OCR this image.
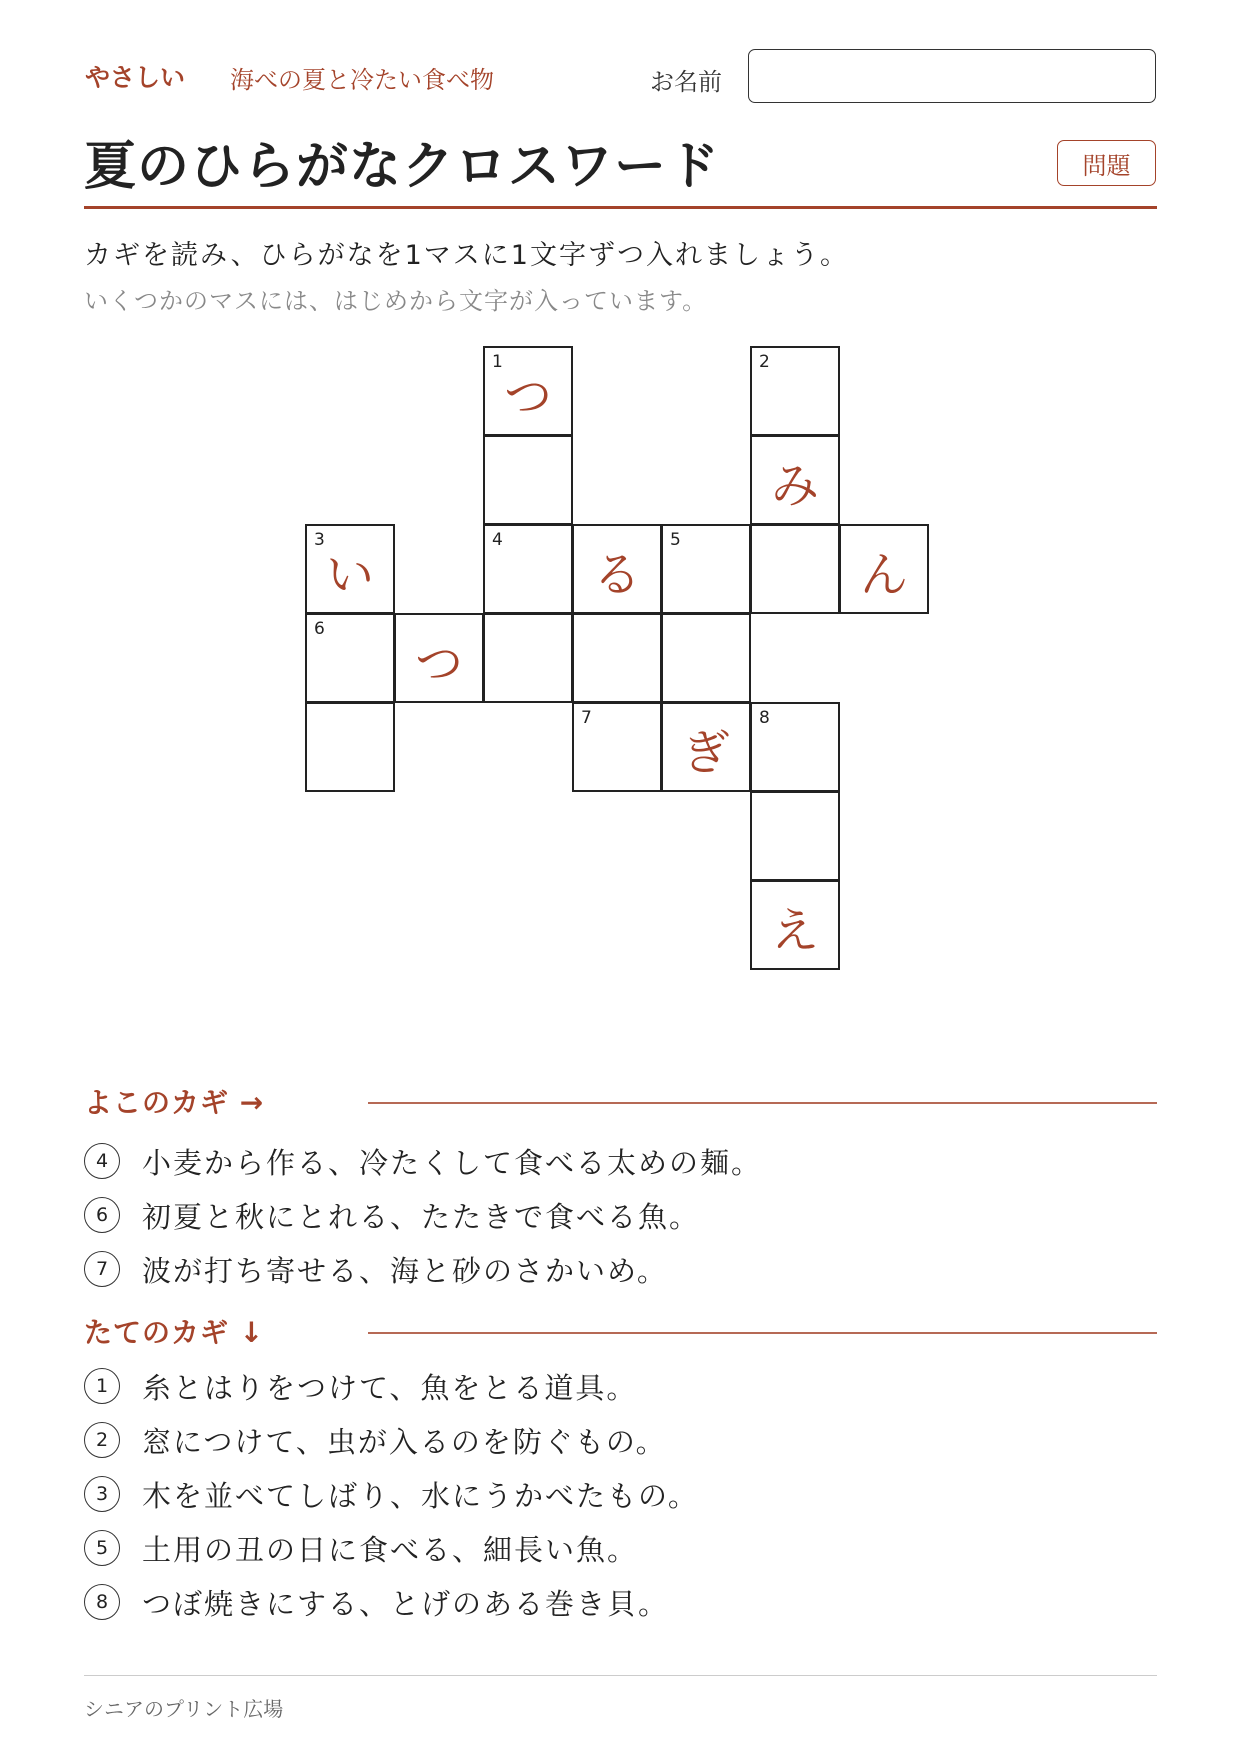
やさしい 海べの夏と冷たい食べ物	お名前
夏のひらがなクロスワード	問題
カギを読み、ひらがなを1マスに1文字ずつ入れましょう。
いくつかのマスには、はじめから文字が入っています。
1
つ
2
み
3
い
4
る
5
ん
6
つ
7
ぎ
8
え
よこのカギ →
4	小麦から作る、冷たくして食べる太めの麺。
6	初夏と秋にとれる、たたきで食べる魚。
7	波が打ち寄せる、海と砂のさかいめ。
たてのカギ ↓
1	糸とはりをつけて、魚をとる道具。
2	窓につけて、虫が入るのを防ぐもの。
3	木を並べてしばり、水にうかべたもの。
5	土用の丑の日に食べる、細長い魚。
8	つぼ焼きにする、とげのある巻き貝。
シニアのプリント広場
